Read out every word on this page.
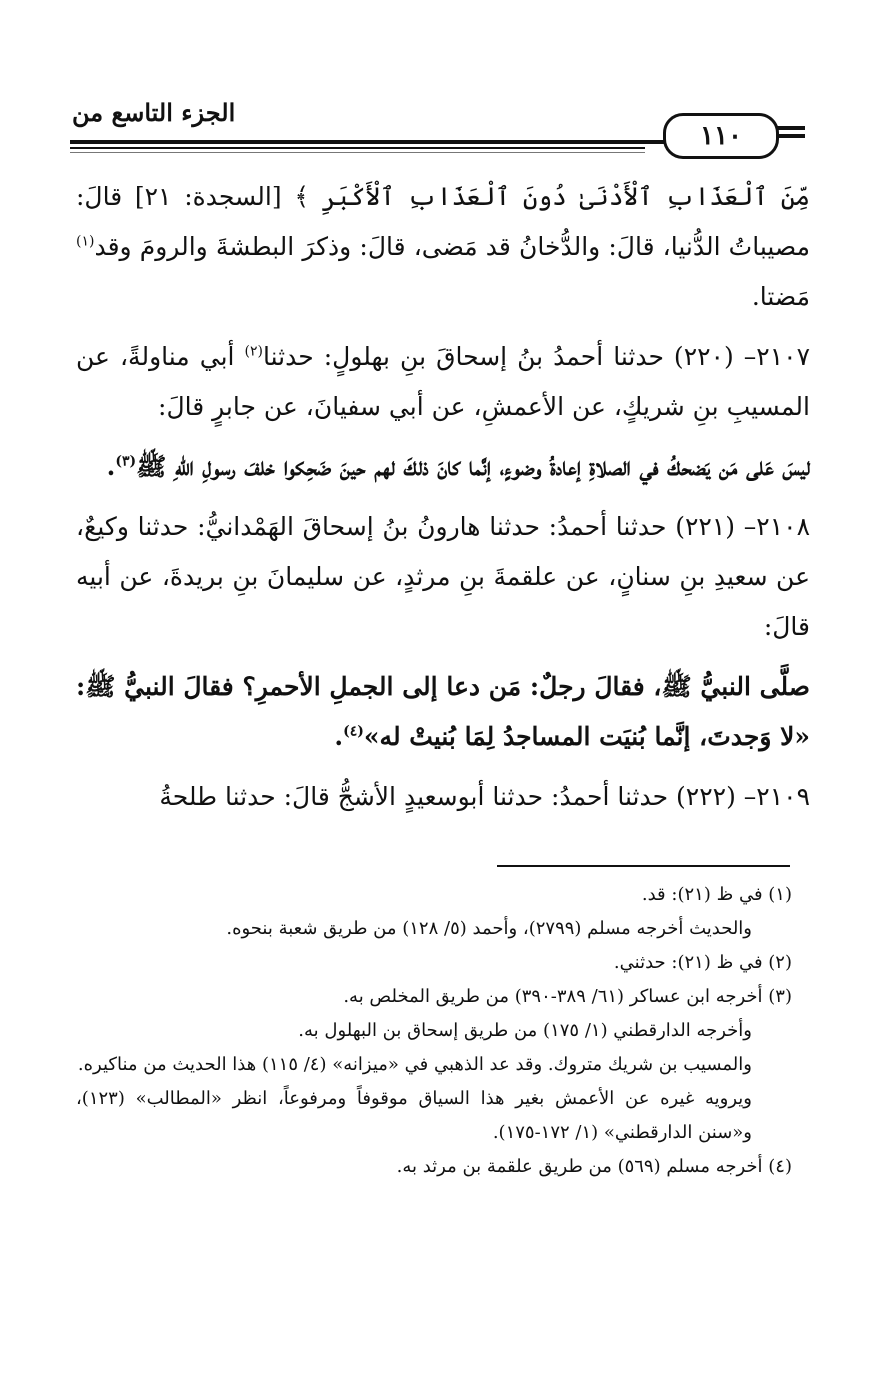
الجزء التاسع من
١١٠

مِّنَ ٱلْعَذَابِ ٱلْأَدْنَىٰ دُونَ ٱلْعَذَابِ ٱلْأَكْبَرِ ﴾ [السجدة: ٢١] قالَ: مصيباتُ الدُّنيا، قالَ: والدُّخانُ قد مَضى، قالَ: وذكرَ البطشةَ والرومَ وقد$^{(١)}$ مَضتا.

٢١٠٧– (٢٢٠) حدثنا أحمدُ بنُ إسحاقَ بنِ بهلولٍ: حدثنا$^{(٢)}$ أبي مناولةً، عن المسيبِ بنِ شريكٍ، عن الأعمشِ، عن أبي سفيانَ، عن جابرٍ قالَ:

ليسَ عَلى مَن يَضحكُ في الصلاةِ إعادةُ وضوءٍ، إنَّما كانَ ذلكَ لهم حينَ ضَحِكوا خلفَ رسولِ اللهِ ﷺ$^{(٣)}$.

٢١٠٨– (٢٢١) حدثنا أحمدُ: حدثنا هارونُ بنُ إسحاقَ الهَمْدانيُّ: حدثنا وكيعٌ، عن سعيدِ بنِ سنانٍ، عن علقمةَ بنِ مرثدٍ، عن سليمانَ بنِ بريدةَ، عن أبيه قالَ:

صلَّى النبيُّ ﷺ، فقالَ رجلٌ: مَن دعا إلى الجملِ الأحمرِ؟ فقالَ النبيُّ ﷺ: «لا وَجدتَ، إنَّما بُنيَت المساجدُ لِمَا بُنيتْ له»$^{(٤)}$.

٢١٠٩– (٢٢٢) حدثنا أحمدُ: حدثنا أبوسعيدٍ الأشجُّ قالَ: حدثنا طلحةُ

(١) في ظ (٢١): قد.

والحديث أخرجه مسلم (٢٧٩٩)، وأحمد (٥/ ١٢٨) من طريق شعبة بنحوه.

(٢) في ظ (٢١): حدثني.

(٣) أخرجه ابن عساكر (٦١/ ٣٨٩-٣٩٠) من طريق المخلص به.

وأخرجه الدارقطني (١/ ١٧٥) من طريق إسحاق بن البهلول به.

والمسيب بن شريك متروك. وقد عد الذهبي في «ميزانه» (٤/ ١١٥) هذا الحديث من مناكيره.

ويرويه غيره عن الأعمش بغير هذا السياق موقوفاً ومرفوعاً، انظر «المطالب» (١٢٣)، و«سنن الدارقطني» (١/ ١٧٢-١٧٥).

(٤) أخرجه مسلم (٥٦٩) من طريق علقمة بن مرثد به.
